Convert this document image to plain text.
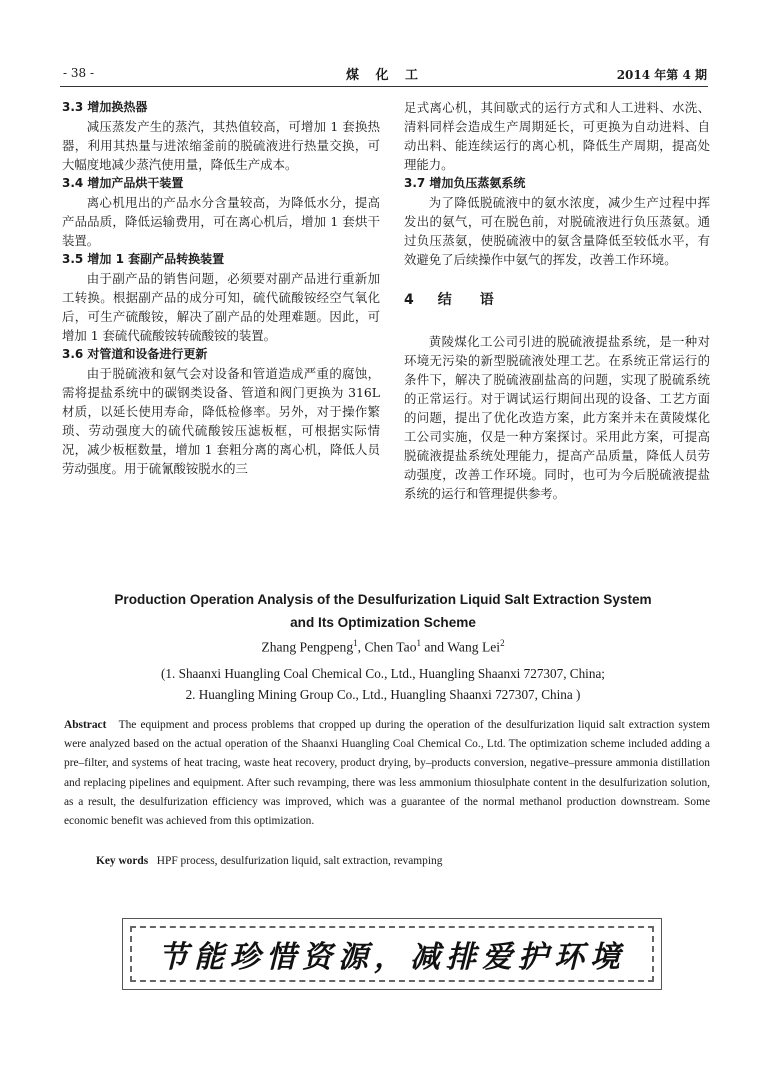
- 38 -	煤 化 工	2014 年第 4 期
3.3 增加换热器

减压蒸发产生的蒸汽，其热值较高，可增加 1 套换热器，利用其热量与进浓缩釜前的脱硫液进行热量交换，可大幅度地减少蒸汽使用量，降低生产成本。

3.4 增加产品烘干装置

离心机甩出的产品水分含量较高，为降低水分，提高产品品质，降低运输费用，可在离心机后，增加 1 套烘干装置。

3.5 增加 1 套副产品转换装置

由于副产品的销售问题，必须要对副产品进行重新加工转换。根据副产品的成分可知，硫代硫酸铵经空气氧化后，可生产硫酸铵，解决了副产品的处理难题。因此，可增加 1 套硫代硫酸铵转硫酸铵的装置。

3.6 对管道和设备进行更新

由于脱硫液和氨气会对设备和管道造成严重的腐蚀，需将提盐系统中的碳钢类设备、管道和阀门更换为 316L 材质，以延长使用寿命，降低检修率。另外，对于操作繁琐、劳动强度大的硫代硫酸铵压滤板框，可根据实际情况，减少板框数量，增加 1 套粗分离的离心机，降低人员劳动强度。用于硫氰酸铵脱水的三

足式离心机，其间歇式的运行方式和人工进料、水洗、清料同样会造成生产周期延长，可更换为自动进料、自动出料、能连续运行的离心机，降低生产周期，提高处理能力。

3.7 增加负压蒸氨系统

为了降低脱硫液中的氨水浓度，减少生产过程中挥发出的氨气，可在脱色前，对脱硫液进行负压蒸氨。通过负压蒸氨，使脱硫液中的氨含量降低至较低水平，有效避免了后续操作中氨气的挥发，改善工作环境。

4 结语

黄陵煤化工公司引进的脱硫液提盐系统，是一种对环境无污染的新型脱硫液处理工艺。在系统正常运行的条件下，解决了脱硫液副盐高的问题，实现了脱硫系统的正常运行。对于调试运行期间出现的设备、工艺方面的问题，提出了优化改造方案，此方案并未在黄陵煤化工公司实施，仅是一种方案探讨。采用此方案，可提高脱硫液提盐系统处理能力，提高产品质量，降低人员劳动强度，改善工作环境。同时，也可为今后脱硫液提盐系统的运行和管理提供参考。

Production Operation Analysis of the Desulfurization Liquid Salt Extraction System
and Its Optimization Scheme
Zhang Pengpeng$^1$, Chen Tao$^1$ and Wang Lei$^2$
(1. Shaanxi Huangling Coal Chemical Co., Ltd., Huangling Shaanxi 727307, China;
2. Huangling Mining Group Co., Ltd., Huangling Shaanxi 727307, China )
Abstract The equipment and process problems that cropped up during the operation of the desulfurization liquid salt extraction system were analyzed based on the actual operation of the Shaanxi Huangling Coal Chemical Co., Ltd. The optimization scheme included adding a pre–filter, and systems of heat tracing, waste heat recovery, product drying, by–products conversion, negative–pressure ammonia distillation and replacing pipelines and equipment. After such revamping, there was less ammonium thiosulphate content in the desulfurization solution, as a result, the desulfurization efficiency was improved, which was a guarantee of the normal methanol production downstream. Some economic benefit was achieved from this optimization.
Key words HPF process, desulfurization liquid, salt extraction, revamping
节能珍惜资源，减排爱护环境
